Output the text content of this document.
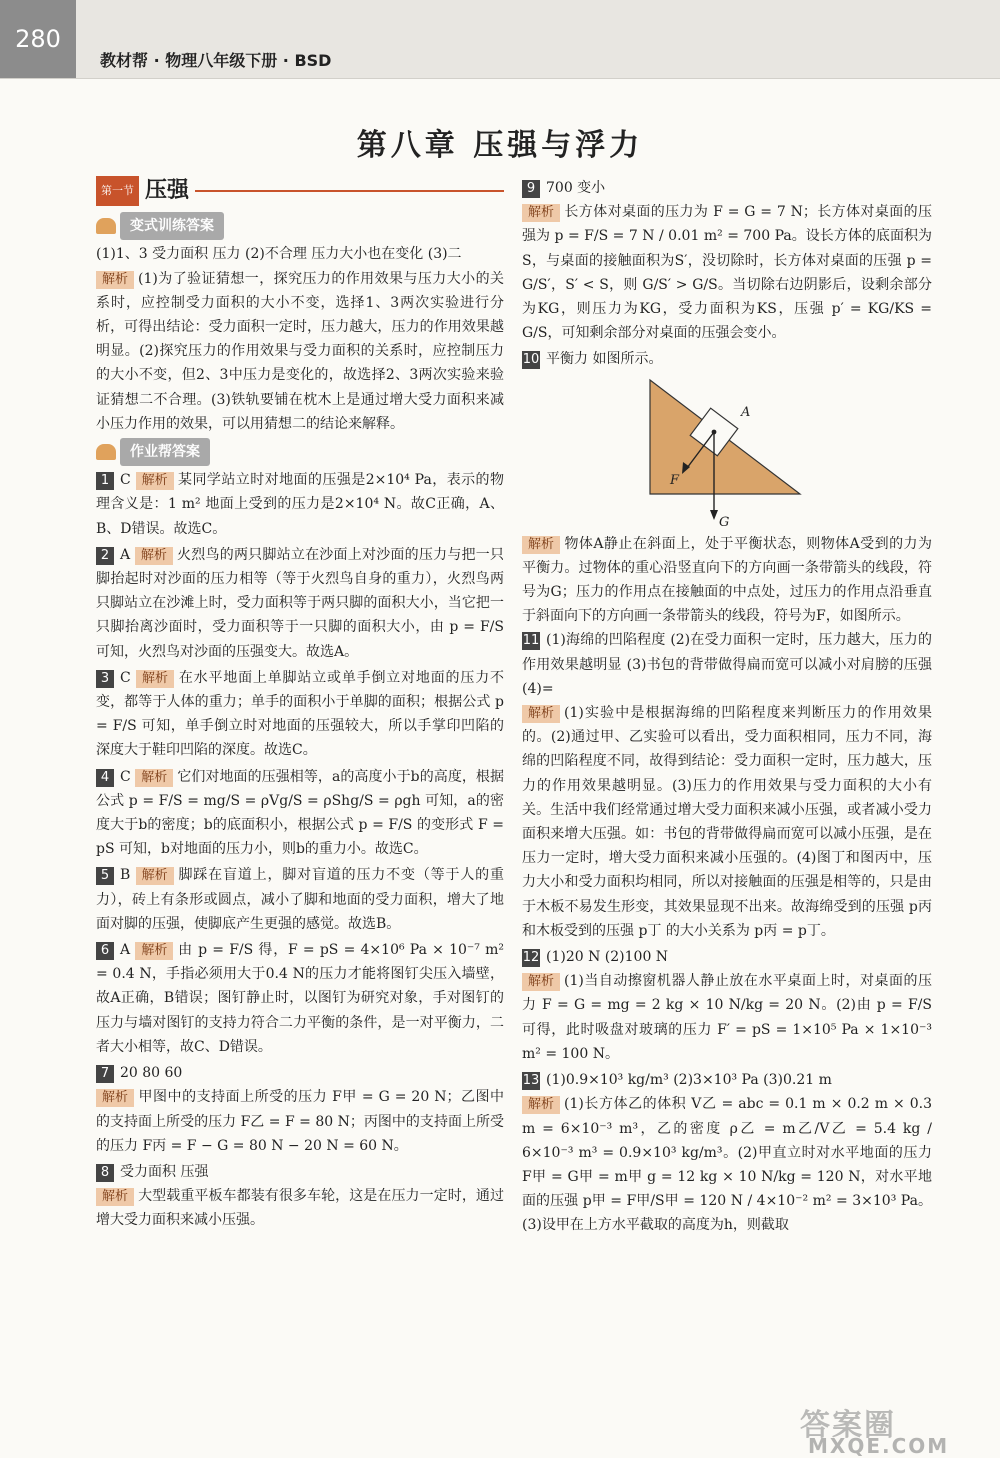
280
教材帮 · 物理八年级下册 · BSD
第八章 压强与浮力
第一节 压强
变式训练答案

(1)1、3 受力面积 压力 (2)不合理 压力大小也在变化 (3)二

解析 (1)为了验证猜想一，探究压力的作用效果与压力大小的关系时，应控制受力面积的大小不变，选择1、3两次实验进行分析，可得出结论：受力面积一定时，压力越大，压力的作用效果越明显。(2)探究压力的作用效果与受力面积的关系时，应控制压力的大小不变，但2、3中压力是变化的，故选择2、3两次实验来验证猜想二不合理。(3)铁轨要铺在枕木上是通过增大受力面积来减小压力作用的效果，可以用猜想二的结论来解释。

作业帮答案
1 C 解析 某同学站立时对地面的压强是2×10⁴ Pa，表示的物理含义是：1 m² 地面上受到的压力是2×10⁴ N。故C正确，A、B、D错误。故选C。
2 A 解析 火烈鸟的两只脚站立在沙面上对沙面的压力与把一只脚抬起时对沙面的压力相等（等于火烈鸟自身的重力），火烈鸟两只脚站立在沙滩上时，受力面积等于两只脚的面积大小，当它把一只脚抬离沙面时，受力面积等于一只脚的面积大小，由 p = F/S 可知，火烈鸟对沙面的压强变大。故选A。
3 C 解析 在水平地面上单脚站立或单手倒立对地面的压力不变，都等于人体的重力；单手的面积小于单脚的面积；根据公式 p = F/S 可知，单手倒立时对地面的压强较大，所以手掌印凹陷的深度大于鞋印凹陷的深度。故选C。
4 C 解析 它们对地面的压强相等，a的高度小于b的高度，根据公式 p = F/S = mg/S = ρVg/S = ρShg/S = ρgh 可知，a的密度大于b的密度；b的底面积小，根据公式 p = F/S 的变形式 F = pS 可知，b对地面的压力小，则b的重力小。故选C。
5 B 解析 脚踩在盲道上，脚对盲道的压力不变（等于人的重力），砖上有条形或圆点，减小了脚和地面的受力面积，增大了地面对脚的压强，使脚底产生更强的感觉。故选B。
6 A 解析 由 p = F/S 得，F = pS = 4×10⁶ Pa × 10⁻⁷ m² = 0.4 N，手指必须用大于0.4 N的压力才能将图钉尖压入墙壁，故A正确，B错误；图钉静止时，以图钉为研究对象，手对图钉的压力与墙对图钉的支持力符合二力平衡的条件，是一对平衡力，二者大小相等，故C、D错误。
7 20 80 60
解析 甲图中的支持面上所受的压力 F甲 = G = 20 N；乙图中的支持面上所受的压力 F乙 = F = 80 N；丙图中的支持面上所受的压力 F丙 = F − G = 80 N − 20 N = 60 N。
8 受力面积 压强
解析 大型载重平板车都装有很多车轮，这是在压力一定时，通过增大受力面积来减小压强。
9 700 变小
解析 长方体对桌面的压力为 F = G = 7 N；长方体对桌面的压强为 p = F/S = 7 N / 0.01 m² = 700 Pa。设长方体的底面积为S，与桌面的接触面积为S′，没切除时，长方体对桌面的压强 p = G/S′，S′ < S，则 G/S′ > G/S。当切除右边阴影后，设剩余部分为KG，则压力为KG，受力面积为KS，压强 p′ = KG/KS = G/S，可知剩余部分对桌面的压强会变小。
10 平衡力 如图所示。
A
F
G

解析 物体A静止在斜面上，处于平衡状态，则物体A受到的力为平衡力。过物体的重心沿竖直向下的方向画一条带箭头的线段，符号为G；压力的作用点在接触面的中点处，过压力的作用点沿垂直于斜面向下的方向画一条带箭头的线段，符号为F，如图所示。

11 (1)海绵的凹陷程度 (2)在受力面积一定时，压力越大，压力的作用效果越明显 (3)书包的背带做得扁而宽可以减小对肩膀的压强 (4)=
解析 (1)实验中是根据海绵的凹陷程度来判断压力的作用效果的。(2)通过甲、乙实验可以看出，受力面积相同，压力不同，海绵的凹陷程度不同，故得到结论：受力面积一定时，压力越大，压力的作用效果越明显。(3)压力的作用效果与受力面积的大小有关。生活中我们经常通过增大受力面积来减小压强，或者减小受力面积来增大压强。如：书包的背带做得扁而宽可以减小压强，是在压力一定时，增大受力面积来减小压强的。(4)图丁和图丙中，压力大小和受力面积均相同，所以对接触面的压强是相等的，只是由于木板不易发生形变，其效果显现不出来。故海绵受到的压强 p丙 和木板受到的压强 p丁 的大小关系为 p丙 = p丁。
12 (1)20 N (2)100 N
解析 (1)当自动擦窗机器人静止放在水平桌面上时，对桌面的压力 F = G = mg = 2 kg × 10 N/kg = 20 N。(2)由 p = F/S 可得，此时吸盘对玻璃的压力 F′ = pS = 1×10⁵ Pa × 1×10⁻³ m² = 100 N。
13 (1)0.9×10³ kg/m³ (2)3×10³ Pa (3)0.21 m
解析 (1)长方体乙的体积 V乙 = abc = 0.1 m × 0.2 m × 0.3 m = 6×10⁻³ m³，乙的密度 ρ乙 = m乙/V乙 = 5.4 kg / 6×10⁻³ m³ = 0.9×10³ kg/m³。(2)甲直立时对水平地面的压力 F甲 = G甲 = m甲 g = 12 kg × 10 N/kg = 120 N，对水平地面的压强 p甲 = F甲/S甲 = 120 N / 4×10⁻² m² = 3×10³ Pa。(3)设甲在上方水平截取的高度为h，则截取
答案圈
MXQE.COM
